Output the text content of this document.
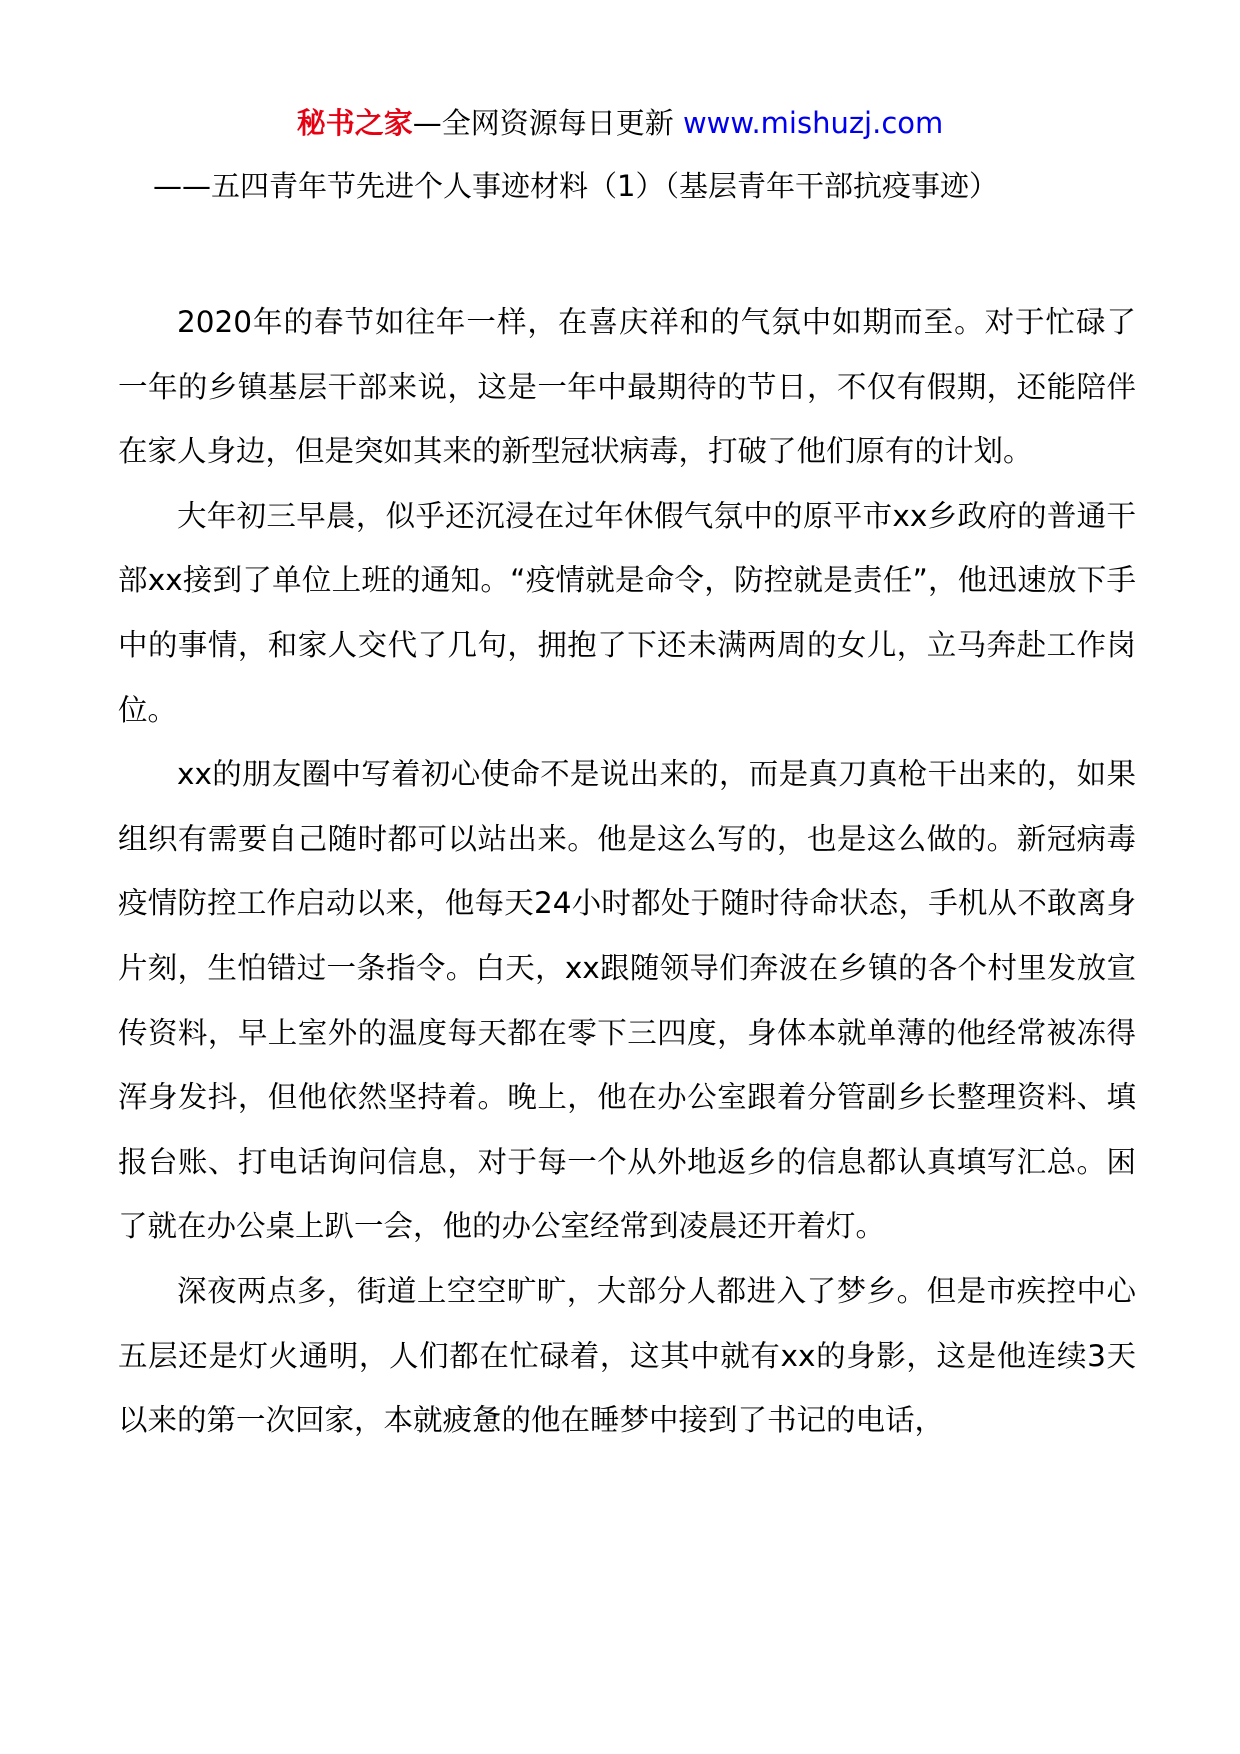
秘书之家—全网资源每日更新 www.mishuzj.com
——五四青年节先进个人事迹材料（1）（基层青年干部抗疫事迹）

2020年的春节如往年一样，在喜庆祥和的气氛中如期而至。对于忙碌了一年的乡镇基层干部来说，这是一年中最期待的节日，不仅有假期，还能陪伴在家人身边，但是突如其来的新型冠状病毒，打破了他们原有的计划。

大年初三早晨，似乎还沉浸在过年休假气氛中的原平市xx乡政府的普通干部xx接到了单位上班的通知。“疫情就是命令，防控就是责任”，他迅速放下手中的事情，和家人交代了几句，拥抱了下还未满两周的女儿，立马奔赴工作岗位。

xx的朋友圈中写着初心使命不是说出来的，而是真刀真枪干出来的，如果组织有需要自己随时都可以站出来。他是这么写的，也是这么做的。新冠病毒疫情防控工作启动以来，他每天24小时都处于随时待命状态，手机从不敢离身片刻，生怕错过一条指令。白天，xx跟随领导们奔波在乡镇的各个村里发放宣传资料，早上室外的温度每天都在零下三四度，身体本就单薄的他经常被冻得浑身发抖，但他依然坚持着。晚上，他在办公室跟着分管副乡长整理资料、填报台账、打电话询问信息，对于每一个从外地返乡的信息都认真填写汇总。困了就在办公桌上趴一会，他的办公室经常到凌晨还开着灯。

深夜两点多，街道上空空旷旷，大部分人都进入了梦乡。但是市疾控中心五层还是灯火通明，人们都在忙碌着，这其中就有xx的身影，这是他连续3天以来的第一次回家，本就疲惫的他在睡梦中接到了书记的电话，
